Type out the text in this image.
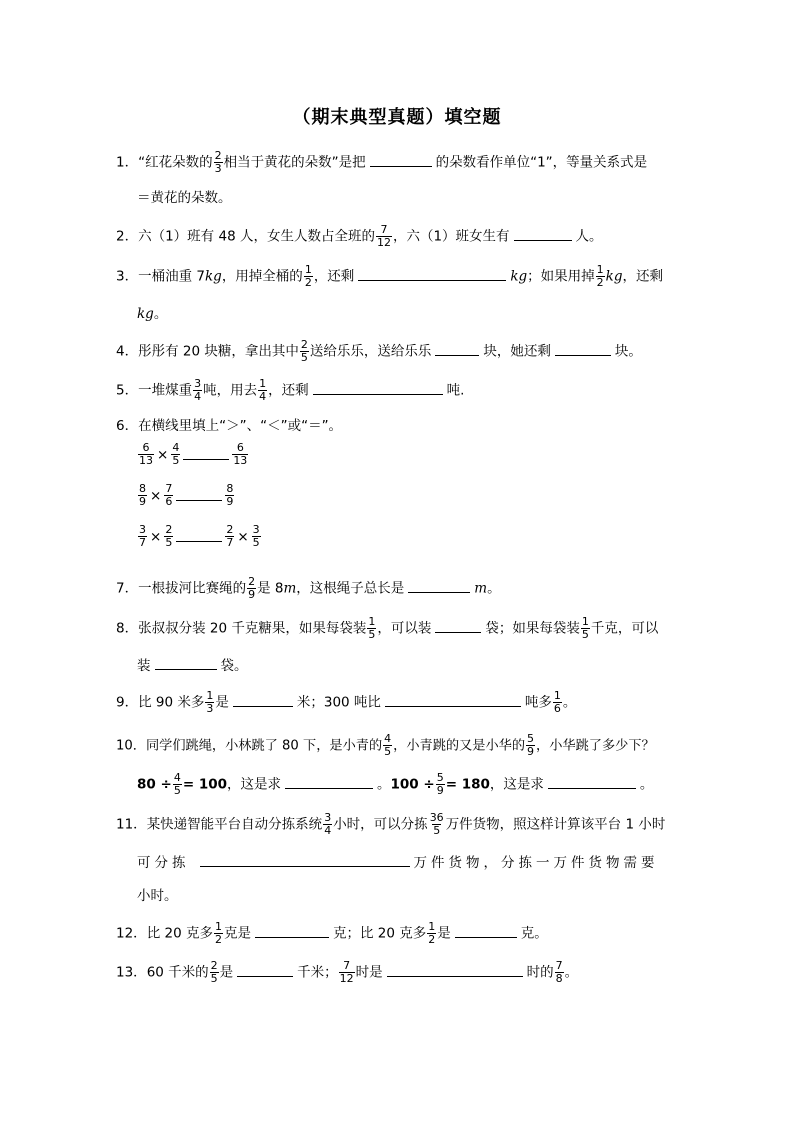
（期末典型真题）填空题
1．“红花朵数的 $\frac{2}{3}$ 相当于黄花的朵数”是把	的朵数看作单位“1”，等量关系式是
＝黄花的朵数。
2．六（1）班有 48 人，女生人数占全班的 $\frac{7}{12}$ ，六（1）班女生有	人。
3．一桶油重 7kg，用掉全桶的 $\frac{1}{2}$ ，还剩	kg；如果用掉 $\frac{1}{2}$ kg，还剩
kg。
4．彤彤有 20 块糖，拿出其中 $\frac{2}{5}$ 送给乐乐，送给乐乐	块，她还剩	块。
5．一堆煤重 $\frac{3}{4}$ 吨，用去 $\frac{1}{4}$ ，还剩	吨.
6．在横线里填上“＞”、“＜”或“＝”。
$\frac{6}{13} \times \frac{4}{5}$	$\frac{6}{13}$
$\frac{8}{9} \times \frac{7}{6}$	$\frac{8}{9}$
$\frac{3}{7} \times \frac{2}{5}$	$\frac{2}{7} \times \frac{3}{5}$
7．一根拔河比赛绳的 $\frac{2}{9}$ 是 8m，这根绳子总长是	m。
8．张叔叔分装 20 千克糖果，如果每袋装 $\frac{1}{5}$ ，可以装	袋；如果每袋装 $\frac{1}{5}$ 千克，可以
装	袋。
9．比 90 米多 $\frac{1}{3}$ 是	米；300 吨比	吨多 $\frac{1}{6}$ 。
10．同学们跳绳，小林跳了 80 下，是小青的 $\frac{4}{5}$ ，小青跳的又是小华的 $\frac{5}{9}$ ，小华跳了多少下？
$80 \div \frac{4}{5} = 100$，这是求	。$100 \div \frac{5}{9} = 180$，这是求	。
11．某快递智能平台自动分拣系统 $\frac{3}{4}$ 小时，可以分拣 $\frac{36}{5}$ 万件货物，照这样计算该平台 1 小时
可分拣	万件货物，分拣一万件货物需要
小时。
12．比 20 克多 $\frac{1}{2}$ 克是	克；比 20 克多 $\frac{1}{2}$ 是	克。
13．60 千米的 $\frac{2}{5}$ 是	千米； $\frac{7}{12}$ 时是	时的 $\frac{7}{8}$ 。
